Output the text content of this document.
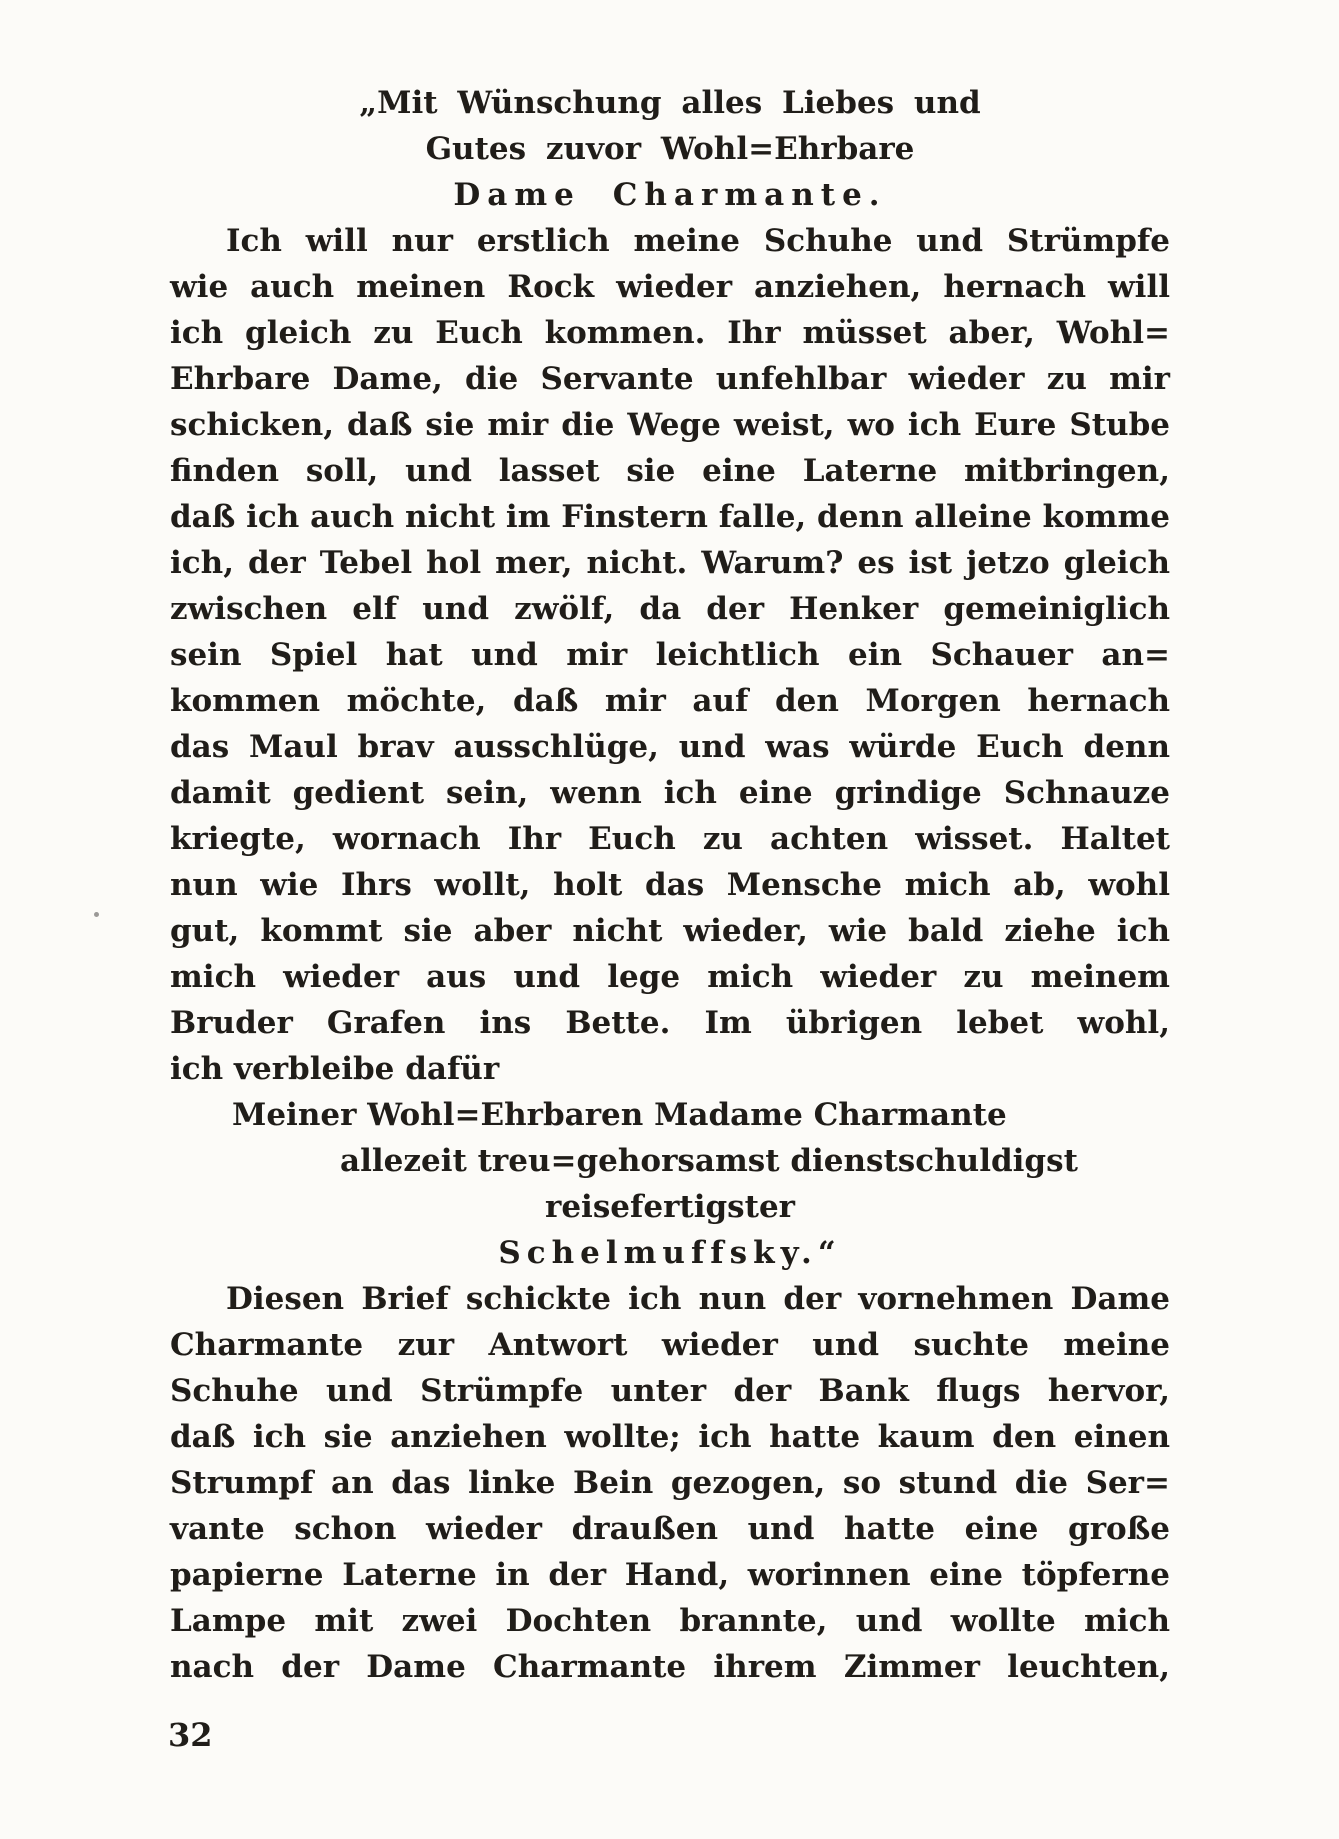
„Mit Wünschung alles Liebes und
Gutes zuvor Wohl=Ehrbare
Dame Charmante.
Ich will nur erstlich meine Schuhe und Strümpfe
wie auch meinen Rock wieder anziehen, hernach will
ich gleich zu Euch kommen. Ihr müsset aber, Wohl=
Ehrbare Dame, die Servante unfehlbar wieder zu mir
schicken, daß sie mir die Wege weist, wo ich Eure Stube
finden soll, und lasset sie eine Laterne mitbringen,
daß ich auch nicht im Finstern falle, denn alleine komme
ich, der Tebel hol mer, nicht. Warum? es ist jetzo gleich
zwischen elf und zwölf, da der Henker gemeiniglich
sein Spiel hat und mir leichtlich ein Schauer an=
kommen möchte, daß mir auf den Morgen hernach
das Maul brav ausschlüge, und was würde Euch denn
damit gedient sein, wenn ich eine grindige Schnauze
kriegte, wornach Ihr Euch zu achten wisset. Haltet
nun wie Ihrs wollt, holt das Mensche mich ab, wohl
gut, kommt sie aber nicht wieder, wie bald ziehe ich
mich wieder aus und lege mich wieder zu meinem
Bruder Grafen ins Bette. Im übrigen lebet wohl,
ich verbleibe dafür
Meiner Wohl=Ehrbaren Madame Charmante
allezeit treu=gehorsamst dienstschuldigst
reisefertigster
Schelmuffsky.“
Diesen Brief schickte ich nun der vornehmen Dame
Charmante zur Antwort wieder und suchte meine
Schuhe und Strümpfe unter der Bank flugs hervor,
daß ich sie anziehen wollte; ich hatte kaum den einen
Strumpf an das linke Bein gezogen, so stund die Ser=
vante schon wieder draußen und hatte eine große
papierne Laterne in der Hand, worinnen eine töpferne
Lampe mit zwei Dochten brannte, und wollte mich
nach der Dame Charmante ihrem Zimmer leuchten,
32
